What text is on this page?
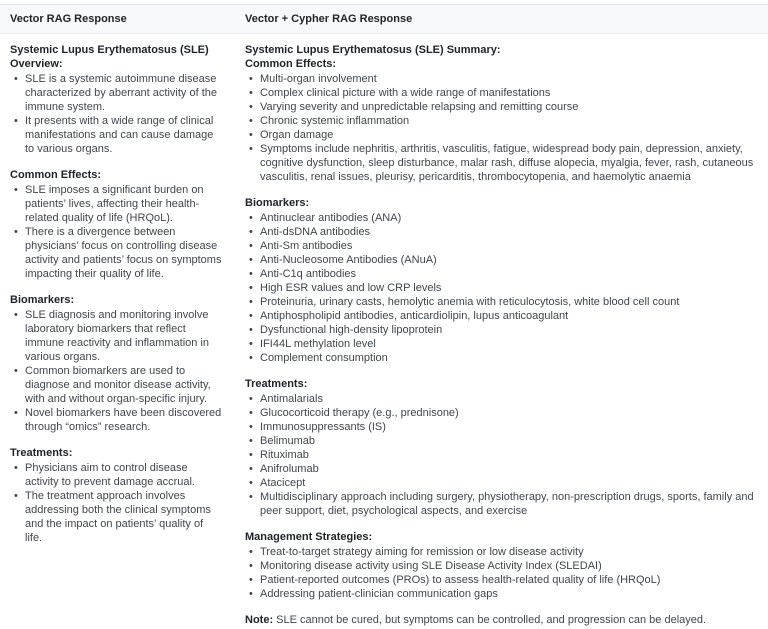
Vector RAG Response	Vector + Cypher RAG Response
Systemic Lupus Erythematosus (SLE) Overview:
• SLE is a systemic autoimmune disease characterized by aberrant activity of the immune system.
• It presents with a wide range of clinical manifestations and can cause damage to various organs.
Common Effects:
• SLE imposes a significant burden on patients’ lives, affecting their health-related quality of life (HRQoL).
• There is a divergence between physicians’ focus on controlling disease activity and patients’ focus on symptoms impacting their quality of life.
Biomarkers:
• SLE diagnosis and monitoring involve laboratory biomarkers that reflect immune reactivity and inflammation in various organs.
• Common biomarkers are used to diagnose and monitor disease activity, with and without organ-specific injury.
• Novel biomarkers have been discovered through “omics” research.
Treatments:
• Physicians aim to control disease activity to prevent damage accrual.
• The treatment approach involves addressing both the clinical symptoms and the impact on patients’ quality of life.
Systemic Lupus Erythematosus (SLE) Summary:
Common Effects:
• Multi-organ involvement
• Complex clinical picture with a wide range of manifestations
• Varying severity and unpredictable relapsing and remitting course
• Chronic systemic inflammation
• Organ damage
• Symptoms include nephritis, arthritis, vasculitis, fatigue, widespread body pain, depression, anxiety, cognitive dysfunction, sleep disturbance, malar rash, diffuse alopecia, myalgia, fever, rash, cutaneous vasculitis, renal issues, pleurisy, pericarditis, thrombocytopenia, and haemolytic anaemia
Biomarkers:
• Antinuclear antibodies (ANA)
• Anti-dsDNA antibodies
• Anti-Sm antibodies
• Anti-Nucleosome Antibodies (ANuA)
• Anti-C1q antibodies
• High ESR values and low CRP levels
• Proteinuria, urinary casts, hemolytic anemia with reticulocytosis, white blood cell count
• Antiphospholipid antibodies, anticardiolipin, lupus anticoagulant
• Dysfunctional high-density lipoprotein
• IFI44L methylation level
• Complement consumption
Treatments:
• Antimalarials
• Glucocorticoid therapy (e.g., prednisone)
• Immunosuppressants (IS)
• Belimumab
• Rituximab
• Anifrolumab
• Atacicept
• Multidisciplinary approach including surgery, physiotherapy, non-prescription drugs, sports, family and peer support, diet, psychological aspects, and exercise
Management Strategies:
• Treat-to-target strategy aiming for remission or low disease activity
• Monitoring disease activity using SLE Disease Activity Index (SLEDAI)
• Patient-reported outcomes (PROs) to assess health-related quality of life (HRQoL)
• Addressing patient-clinician communication gaps

Note: SLE cannot be cured, but symptoms can be controlled, and progression can be delayed.
